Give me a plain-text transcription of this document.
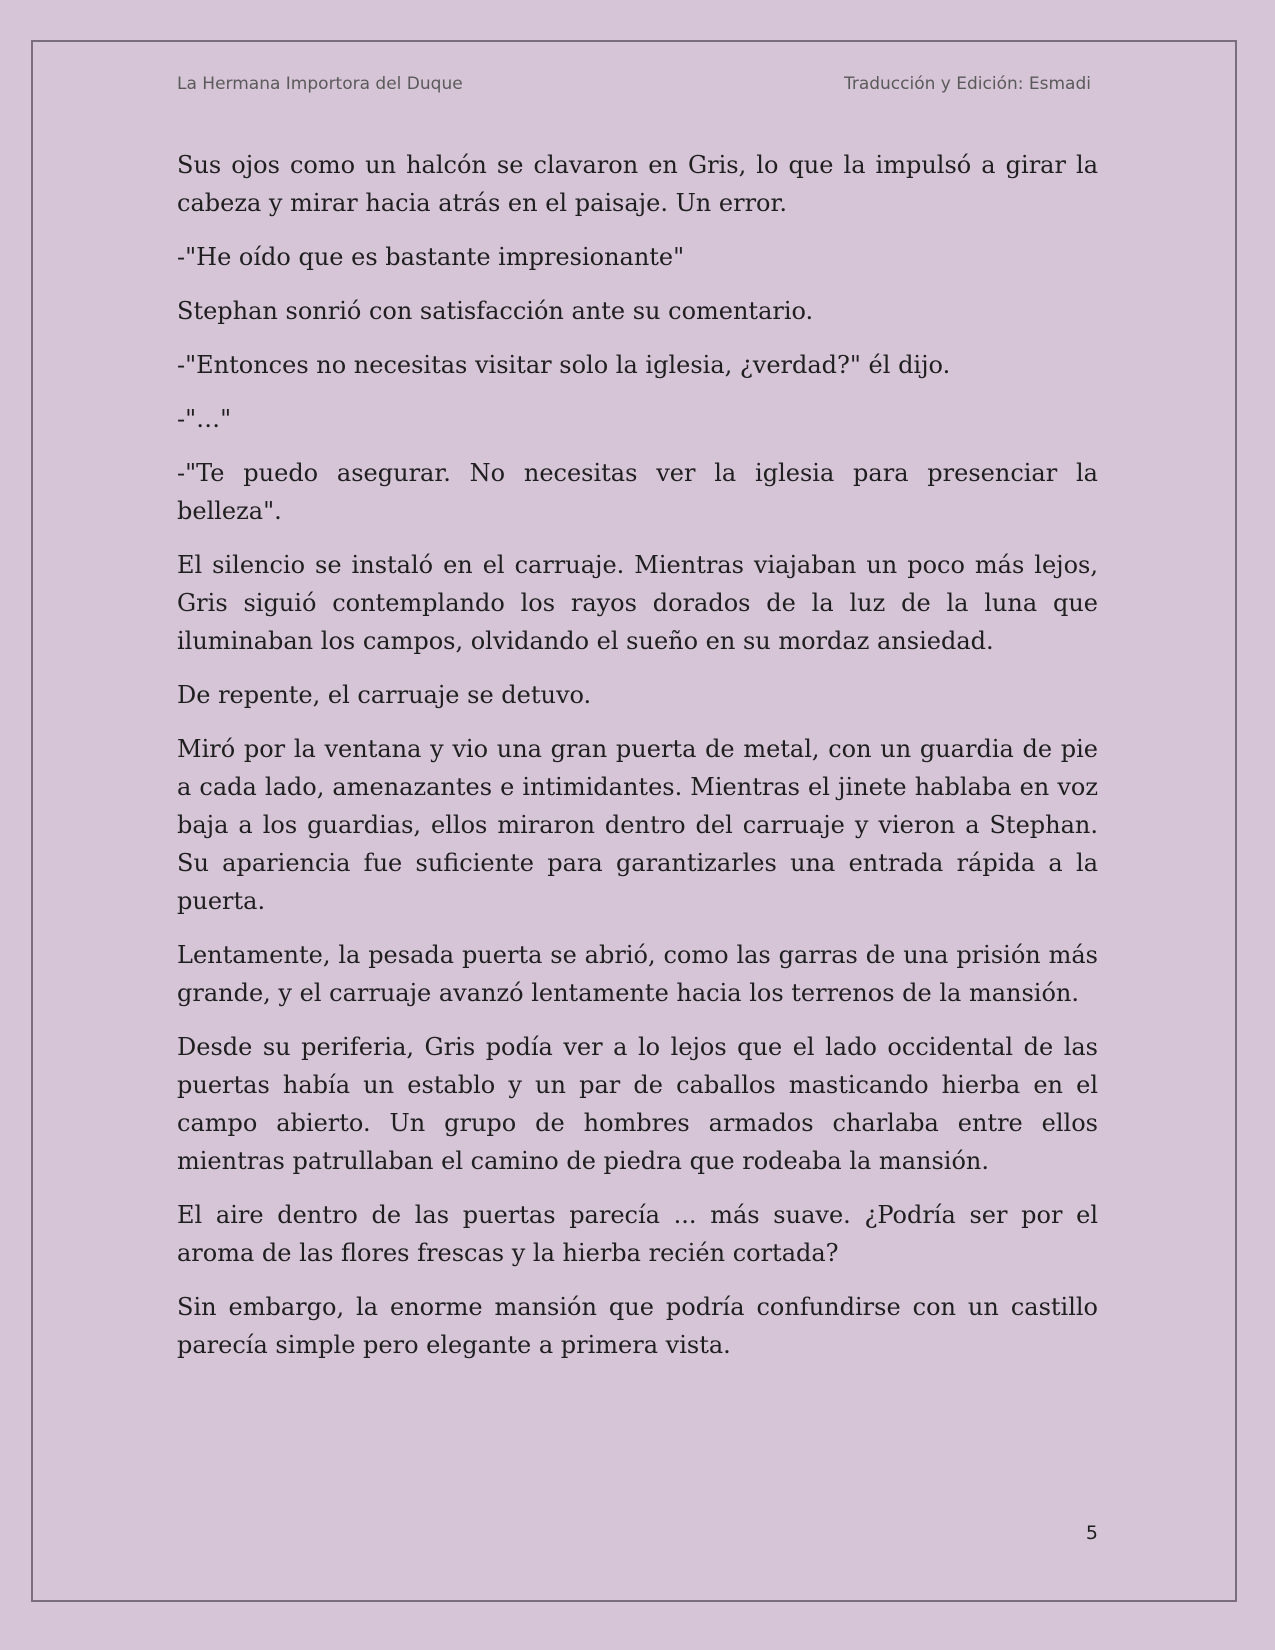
La Hermana Importora del Duque	Traducción y Edición: Esmadi

Sus ojos como un halcón se clavaron en Gris, lo que la impulsó a girar la cabeza y mirar hacia atrás en el paisaje. Un error.

-"He oído que es bastante impresionante"

Stephan sonrió con satisfacción ante su comentario.

-"Entonces no necesitas visitar solo la iglesia, ¿verdad?" él dijo.

-"…"

-"Te puedo asegurar. No necesitas ver la iglesia para presenciar la belleza".

El silencio se instaló en el carruaje. Mientras viajaban un poco más lejos, Gris siguió contemplando los rayos dorados de la luz de la luna que iluminaban los campos, olvidando el sueño en su mordaz ansiedad.

De repente, el carruaje se detuvo.

Miró por la ventana y vio una gran puerta de metal, con un guardia de pie a cada lado, amenazantes e intimidantes. Mientras el jinete hablaba en voz baja a los guardias, ellos miraron dentro del carruaje y vieron a Stephan. Su apariencia fue suficiente para garantizarles una entrada rápida a la puerta.

Lentamente, la pesada puerta se abrió, como las garras de una prisión más grande, y el carruaje avanzó lentamente hacia los terrenos de la mansión.

Desde su periferia, Gris podía ver a lo lejos que el lado occidental de las puertas había un establo y un par de caballos masticando hierba en el campo abierto. Un grupo de hombres armados charlaba entre ellos mientras patrullaban el camino de piedra que rodeaba la mansión.

El aire dentro de las puertas parecía ... más suave. ¿Podría ser por el aroma de las flores frescas y la hierba recién cortada?

Sin embargo, la enorme mansión que podría confundirse con un castillo parecía simple pero elegante a primera vista.

5
